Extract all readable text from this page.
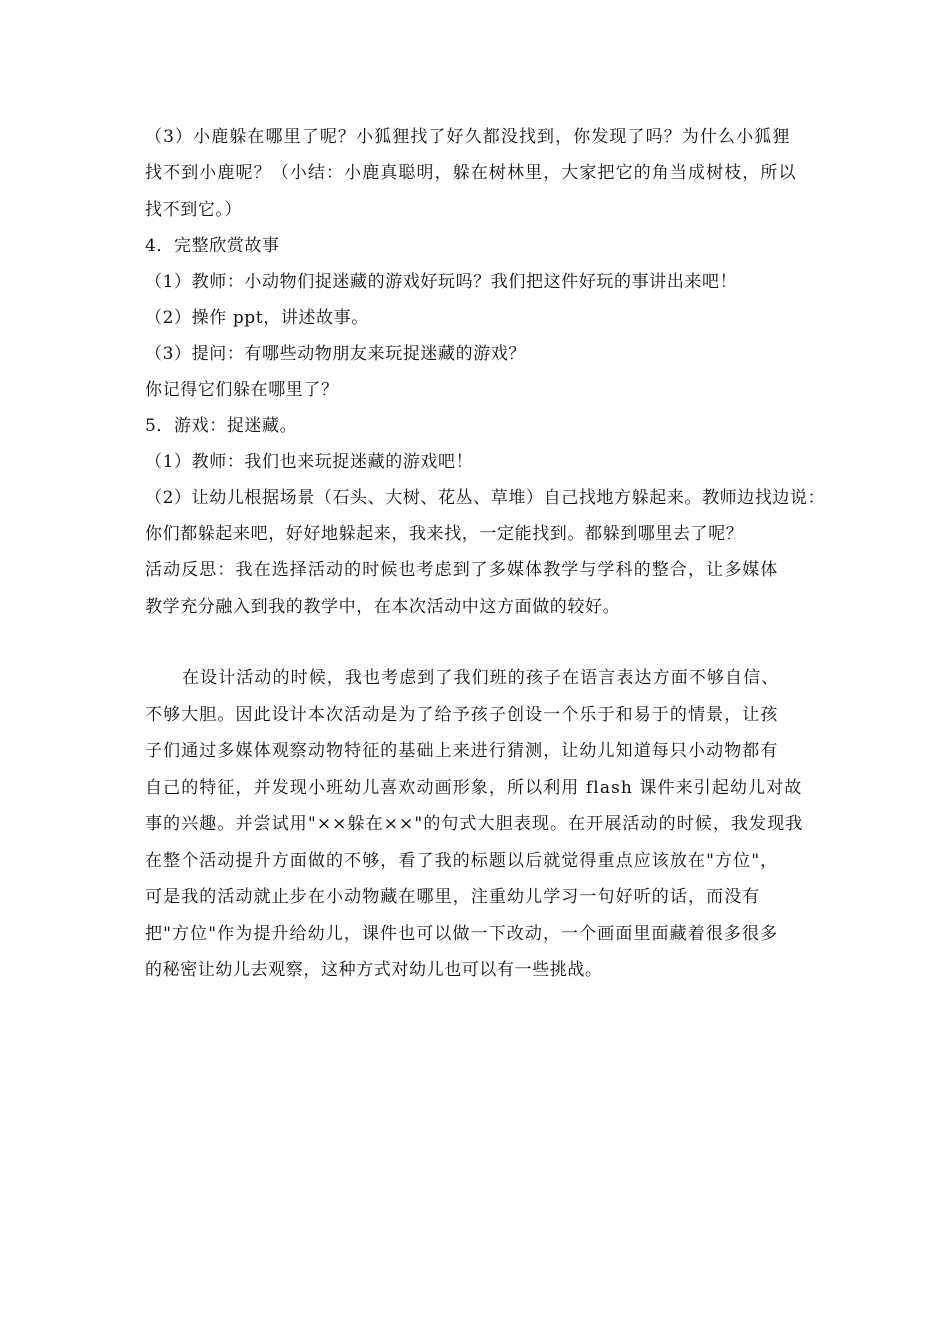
（3）小鹿躲在哪里了呢？小狐狸找了好久都没找到，你发现了吗？为什么小狐狸
找不到小鹿呢？（小结：小鹿真聪明，躲在树林里，大家把它的角当成树枝，所以
找不到它。）
4．完整欣赏故事
（1）教师：小动物们捉迷藏的游戏好玩吗？我们把这件好玩的事讲出来吧！
（2）操作 ppt，讲述故事。
（3）提问：有哪些动物朋友来玩捉迷藏的游戏？
你记得它们躲在哪里了？
5．游戏：捉迷藏。
（1）教师：我们也来玩捉迷藏的游戏吧！
（2）让幼儿根据场景（石头、大树、花丛、草堆）自己找地方躲起来。教师边找边说：
你们都躲起来吧，好好地躲起来，我来找，一定能找到。都躲到哪里去了呢？
活动反思：我在选择活动的时候也考虑到了多媒体教学与学科的整合，让多媒体
教学充分融入到我的教学中，在本次活动中这方面做的较好。
在设计活动的时候，我也考虑到了我们班的孩子在语言表达方面不够自信、
不够大胆。因此设计本次活动是为了给予孩子创设一个乐于和易于的情景，让孩
子们通过多媒体观察动物特征的基础上来进行猜测，让幼儿知道每只小动物都有
自己的特征，并发现小班幼儿喜欢动画形象，所以利用 flash 课件来引起幼儿对故
事的兴趣。并尝试用"××躲在××"的句式大胆表现。在开展活动的时候，我发现我
在整个活动提升方面做的不够，看了我的标题以后就觉得重点应该放在"方位"，
可是我的活动就止步在小动物藏在哪里，注重幼儿学习一句好听的话，而没有
把"方位"作为提升给幼儿，课件也可以做一下改动，一个画面里面藏着很多很多
的秘密让幼儿去观察，这种方式对幼儿也可以有一些挑战。
